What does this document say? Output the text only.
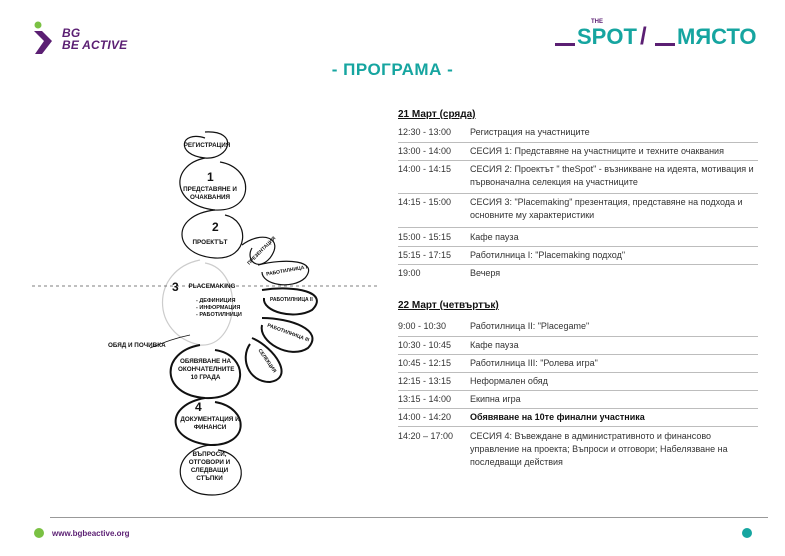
BG
BE ACTIVE
THE
SPOT / МЯСТО
- ПРОГРАМА -
РЕГИСТРАЦИЯ
1
ПРЕДСТАВЯНЕ И ОЧАКВАНИЯ
2
ПРОЕКТЪТ
3	PLACEMAKING
- ДЕФИНИЦИЯ
- ИНФОРМАЦИЯ
- РАБОТИЛНИЦИ
ПРЕЗЕНТАЦИЯ
РАБОТИЛНИЦА I
РАБОТИЛНИЦА II
РАБОТИЛНИЦА III
СЕЛЕКЦИЯ
ОБЯД И ПОЧИВКА
ОБЯВЯВАНЕ НА ОКОНЧАТЕЛНИТЕ 10 ГРАДА
4
ДОКУМЕНТАЦИЯ И ФИНАНСИ
ВЪПРОСИ, ОТГОВОРИ И СЛЕДВАЩИ СТЪПКИ
21 Март (сряда)
12:30 - 13:00	Регистрация на участниците
13:00 - 14:00	СЕСИЯ 1: Представяне на участниците и техните очаквания
14:00 - 14:15	СЕСИЯ 2: Проектът " theSpot" - възникване на идеята, мотивация и първоначална селекция на участниците
14:15 - 15:00	СЕСИЯ 3: "Placemaking" презентация, представяне на подхода и основните му характеристики
15:00 - 15:15	Кафе пауза
15:15 - 17:15	Работилница I: "Placemaking подход"
19:00	Вечеря
22 Март (четвъртък)
9:00 - 10:30	Работилница II: "Placegame"
10:30 - 10:45	Кафе пауза
10:45 - 12:15	Работилница III: "Ролева игра"
12:15 - 13:15	Неформален обяд
13:15 - 14:00	Екипна игра
14:00 - 14:20	Обявяване на 10те финални участника
14:20 – 17:00	СЕСИЯ 4: Въвеждане в административното и финансово управление на проекта; Въпроси и отговори; Набелязване на последващи действия
www.bgbeactive.org
